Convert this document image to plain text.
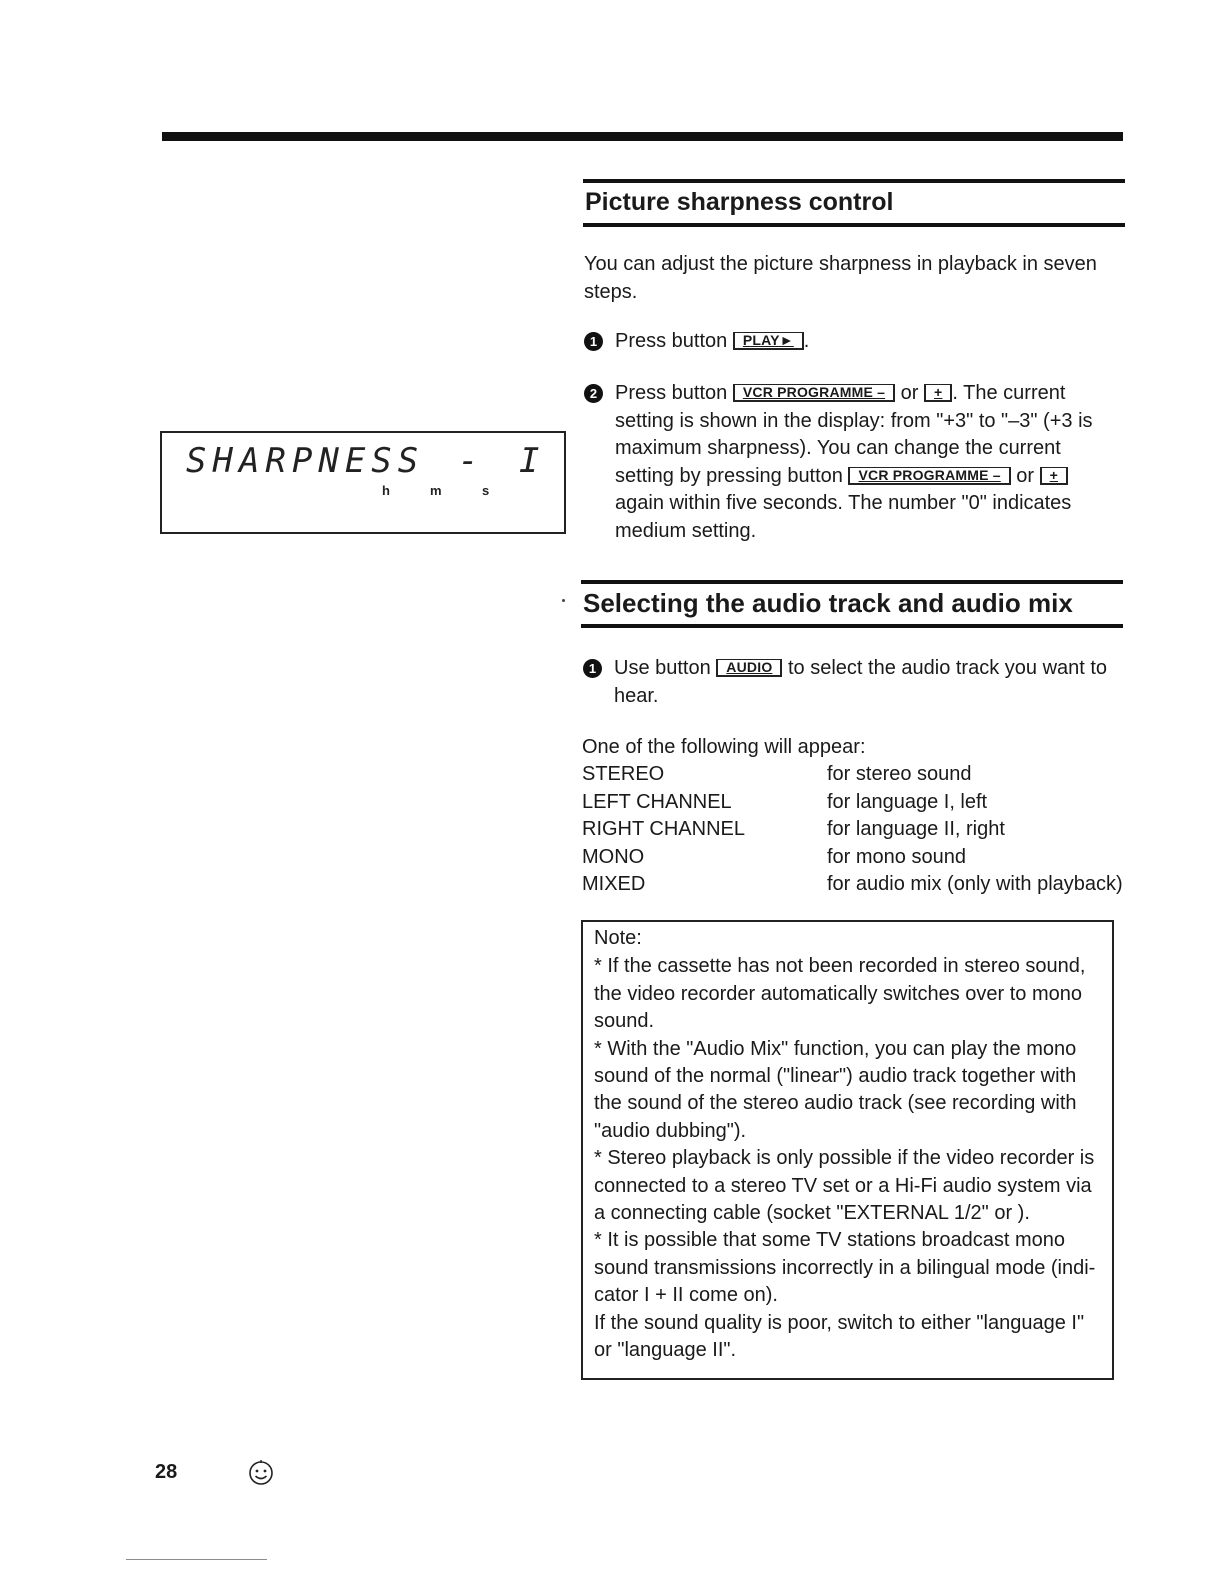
Picture sharpness control
You can adjust the picture sharpness in playback in seven steps.
1 Press button PLAY► .
2 Press button VCR PROGRAMME – or + . The current setting is shown in the display: from "+3" to "–3" (+3 is maximum sharpness). You can change the current setting by pressing button VCR PROGRAMME – or + again within five seconds. The number "0" indicates medium setting.
SHARPNESS - I
h	m	s
Selecting the audio track and audio mix
1 Use button AUDIO to select the audio track you want to hear.
One of the following will appear:
STEREO	for stereo sound
LEFT CHANNEL	for language I, left
RIGHT CHANNEL	for language II, right
MONO	for mono sound
MIXED	for audio mix (only with playback)

Note:

* If the cassette has not been recorded in stereo sound, the video recorder automatically switches over to mono sound.

* With the "Audio Mix" function, you can play the mono sound of the normal ("linear") audio track together with the sound of the stereo audio track (see recording with "audio dubbing").

* Stereo playback is only possible if the video recorder is connected to a stereo TV set or a Hi-Fi audio system via a connecting cable (socket "EXTERNAL 1/2" or ).

* It is possible that some TV stations broadcast mono sound transmissions incorrectly in a bilingual mode (indi-cator I + II come on).

If the sound quality is poor, switch to either "language I" or "language II".

28
